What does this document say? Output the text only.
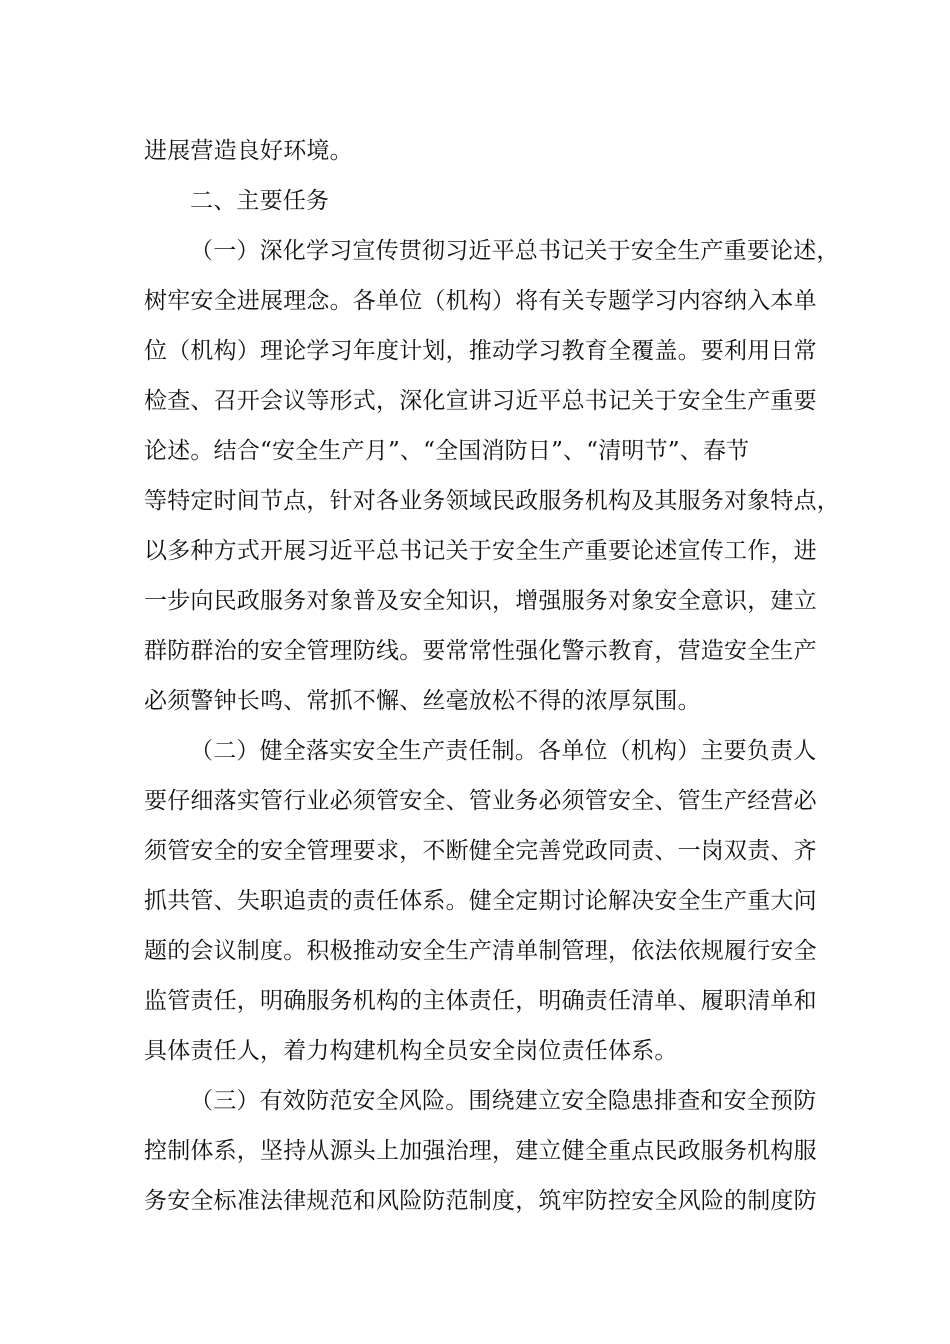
进展营造良好环境。
二、主要任务
（一）深化学习宣传贯彻习近平总书记关于安全生产重要论述，
树牢安全进展理念。各单位（机构）将有关专题学习内容纳入本单
位（机构）理论学习年度计划，推动学习教育全覆盖。要利用日常
检查、召开会议等形式，深化宣讲习近平总书记关于安全生产重要
论述。结合“安全生产月”、“全国消防日”、“清明节”、春节
等特定时间节点，针对各业务领域民政服务机构及其服务对象特点，
以多种方式开展习近平总书记关于安全生产重要论述宣传工作，进
一步向民政服务对象普及安全知识，增强服务对象安全意识，建立
群防群治的安全管理防线。要常常性强化警示教育，营造安全生产
必须警钟长鸣、常抓不懈、丝毫放松不得的浓厚氛围。
（二）健全落实安全生产责任制。各单位（机构）主要负责人
要仔细落实管行业必须管安全、管业务必须管安全、管生产经营必
须管安全的安全管理要求，不断健全完善党政同责、一岗双责、齐
抓共管、失职追责的责任体系。健全定期讨论解决安全生产重大问
题的会议制度。积极推动安全生产清单制管理，依法依规履行安全
监管责任，明确服务机构的主体责任，明确责任清单、履职清单和
具体责任人，着力构建机构全员安全岗位责任体系。
（三）有效防范安全风险。围绕建立安全隐患排查和安全预防
控制体系，坚持从源头上加强治理，建立健全重点民政服务机构服
务安全标准法律规范和风险防范制度，筑牢防控安全风险的制度防
